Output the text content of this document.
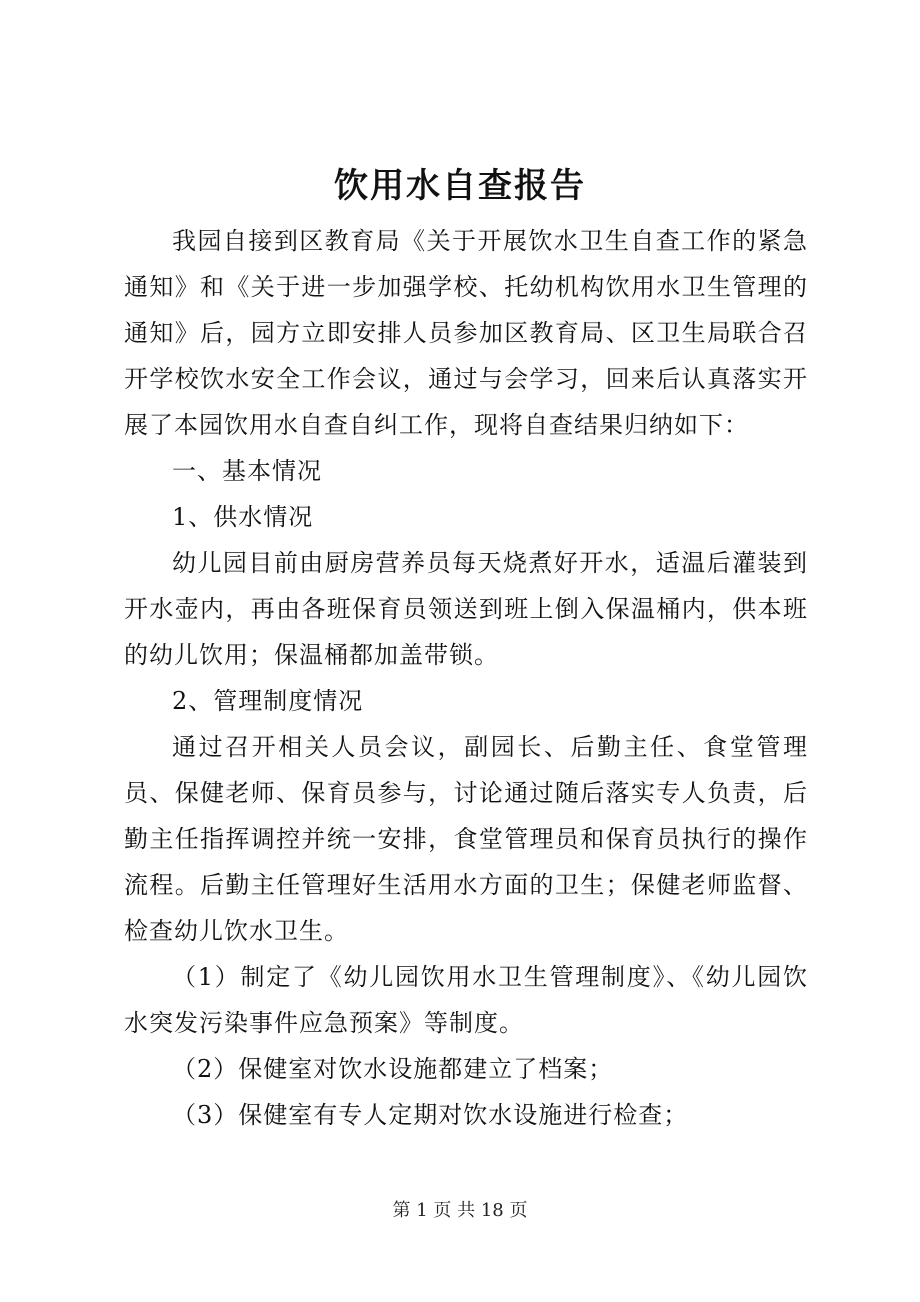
饮用水自查报告

我园自接到区教育局《关于开展饮水卫生自查工作的紧急通知》和《关于进一步加强学校、托幼机构饮用水卫生管理的通知》后，园方立即安排人员参加区教育局、区卫生局联合召开学校饮水安全工作会议，通过与会学习，回来后认真落实开展了本园饮用水自查自纠工作，现将自查结果归纳如下：

一、基本情况

1、供水情况

幼儿园目前由厨房营养员每天烧煮好开水，适温后灌装到开水壶内，再由各班保育员领送到班上倒入保温桶内，供本班的幼儿饮用；保温桶都加盖带锁。

2、管理制度情况

通过召开相关人员会议，副园长、后勤主任、食堂管理员、保健老师、保育员参与，讨论通过随后落实专人负责，后勤主任指挥调控并统一安排，食堂管理员和保育员执行的操作流程。后勤主任管理好生活用水方面的卫生；保健老师监督、检查幼儿饮水卫生。

（1）制定了《幼儿园饮用水卫生管理制度》、《幼儿园饮水突发污染事件应急预案》等制度。

（2）保健室对饮水设施都建立了档案；

（3）保健室有专人定期对饮水设施进行检查；

第 1 页 共 18 页
